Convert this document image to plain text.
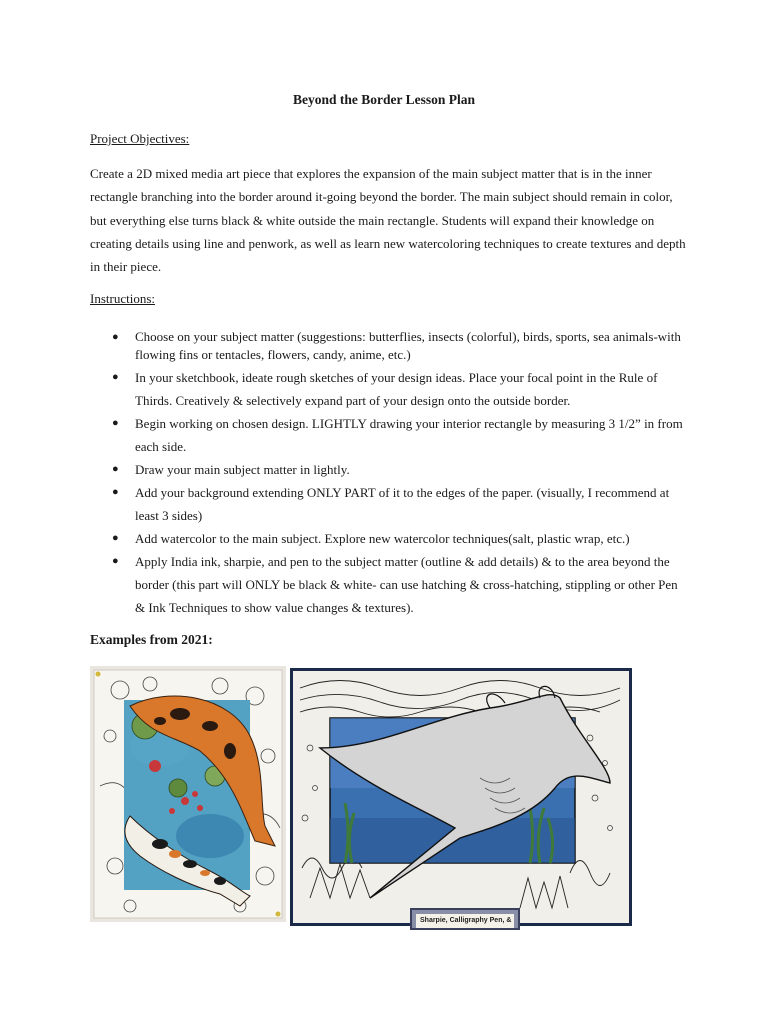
Beyond the Border Lesson Plan
Project Objectives:

Create a 2D mixed media art piece that explores the expansion of the main subject matter that is in the inner rectangle branching into the border around it-going beyond the border. The main subject should remain in color, but everything else turns black & white outside the main rectangle. Students will expand their knowledge on creating details using line and penwork, as well as learn new watercoloring techniques to create textures and depth in their piece.

Instructions:
● Choose on your subject matter (suggestions: butterflies, insects (colorful), birds, sports, sea animals-with flowing fins or tentacles, flowers, candy, anime, etc.)
● In your sketchbook, ideate rough sketches of your design ideas. Place your focal point in the Rule of Thirds. Creatively & selectively expand part of your design onto the outside border.
● Begin working on chosen design. LIGHTLY drawing your interior rectangle by measuring 3 1/2” in from each side.
● Draw your main subject matter in lightly.
● Add your background extending ONLY PART of it to the edges of the paper. (visually, I recommend at least 3 sides)
● Add watercolor to the main subject. Explore new watercolor techniques(salt, plastic wrap, etc.)
● Apply India ink, sharpie, and pen to the subject matter (outline & add details) & to the area beyond the border (this part will ONLY be black & white- can use hatching & cross-hatching, stippling or other Pen & Ink Techniques to show value changes & textures).
Examples from 2021:
Sharpie, Calligraphy Pen, &
